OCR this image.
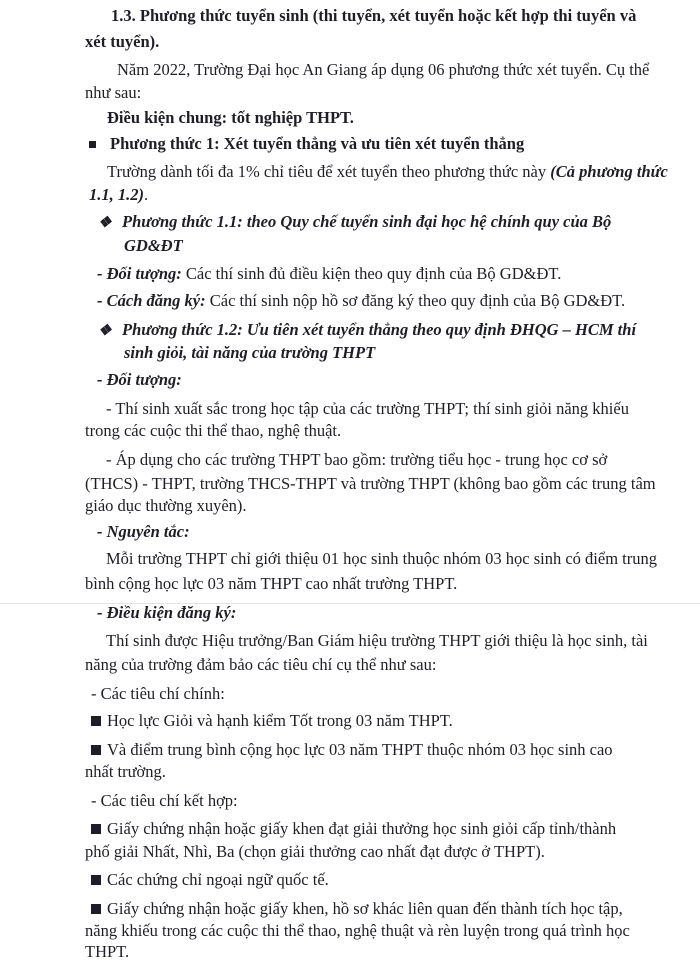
1.3. Phương thức tuyển sinh (thi tuyển, xét tuyển hoặc kết hợp thi tuyển và
xét tuyển).
Năm 2022, Trường Đại học An Giang áp dụng 06 phương thức xét tuyển. Cụ thể
như sau:
Điều kiện chung: tốt nghiệp THPT.
Phương thức 1: Xét tuyển thẳng và ưu tiên xét tuyển thẳng
Trường dành tối đa 1% chỉ tiêu để xét tuyển theo phương thức này (Cả phương thức
1.1, 1.2).
❖ Phương thức 1.1: theo Quy chế tuyển sinh đại học hệ chính quy của Bộ
GD&ĐT
- Đối tượng: Các thí sinh đủ điều kiện theo quy định của Bộ GD&ĐT.
- Cách đăng ký: Các thí sinh nộp hồ sơ đăng ký theo quy định của Bộ GD&ĐT.
❖ Phương thức 1.2: Ưu tiên xét tuyển thẳng theo quy định ĐHQG – HCM thí
sinh giỏi, tài năng của trường THPT
- Đối tượng:
- Thí sinh xuất sắc trong học tập của các trường THPT; thí sinh giỏi năng khiếu
trong các cuộc thi thể thao, nghệ thuật.
- Áp dụng cho các trường THPT bao gồm: trường tiểu học - trung học cơ sở
(THCS) - THPT, trường THCS-THPT và trường THPT (không bao gồm các trung tâm
giáo dục thường xuyên).
- Nguyên tắc:
Mỗi trường THPT chỉ giới thiệu 01 học sinh thuộc nhóm 03 học sinh có điểm trung
bình cộng học lực 03 năm THPT cao nhất trường THPT.
- Điều kiện đăng ký:
Thí sinh được Hiệu trưởng/Ban Giám hiệu trường THPT giới thiệu là học sinh, tài
năng của trường đảm bảo các tiêu chí cụ thể như sau:
- Các tiêu chí chính:
Học lực Giỏi và hạnh kiểm Tốt trong 03 năm THPT.
Và điểm trung bình cộng học lực 03 năm THPT thuộc nhóm 03 học sinh cao
nhất trường.
- Các tiêu chí kết hợp:
Giấy chứng nhận hoặc giấy khen đạt giải thưởng học sinh giỏi cấp tỉnh/thành
phố giải Nhất, Nhì, Ba (chọn giải thưởng cao nhất đạt được ở THPT).
Các chứng chỉ ngoại ngữ quốc tế.
Giấy chứng nhận hoặc giấy khen, hồ sơ khác liên quan đến thành tích học tập,
năng khiếu trong các cuộc thi thể thao, nghệ thuật và rèn luyện trong quá trình học
THPT.
